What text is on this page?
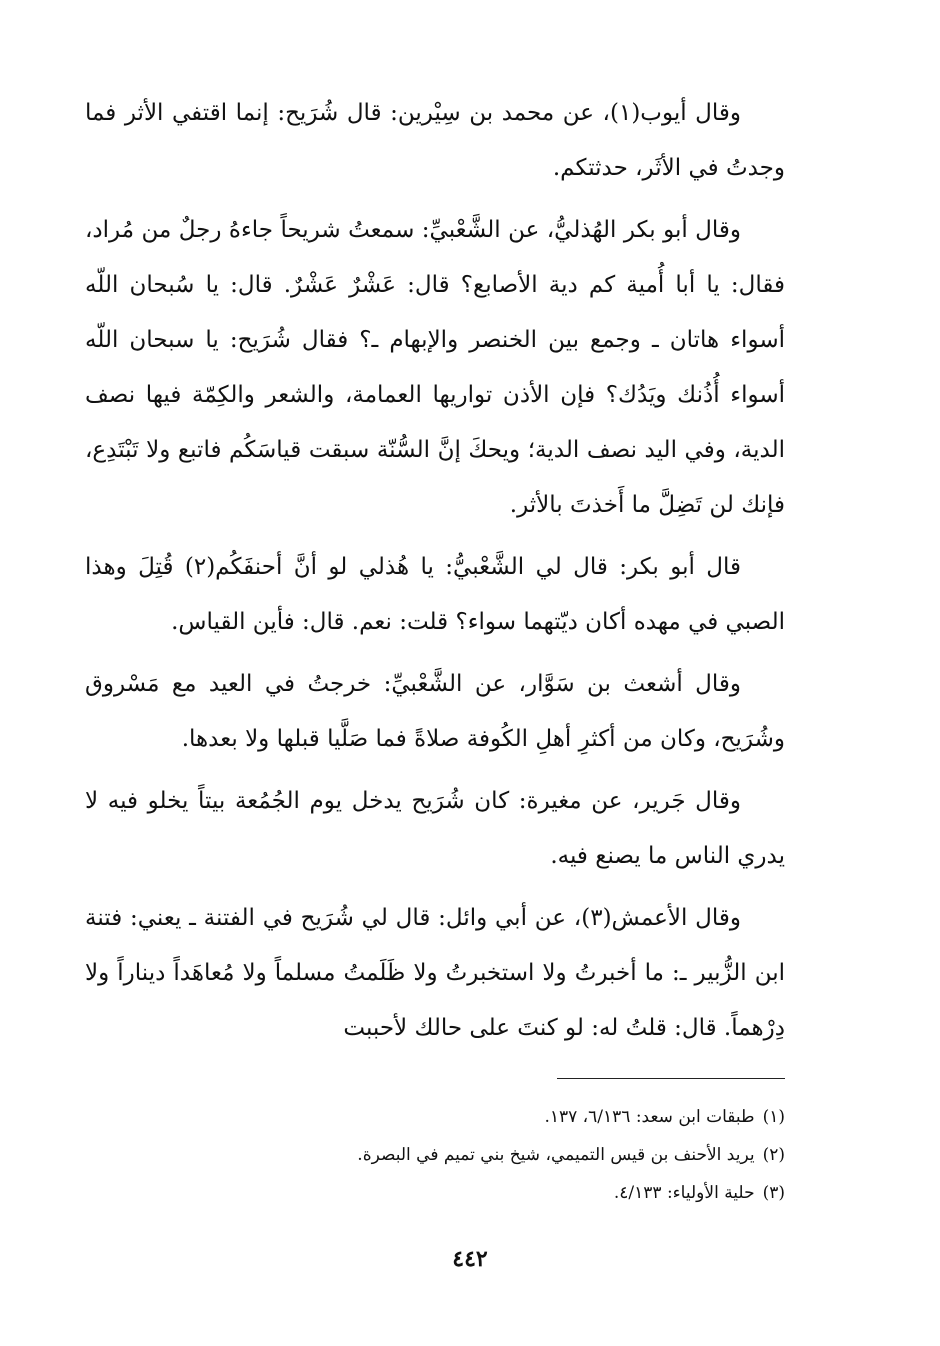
وقال أيوب(١)، عن محمد بن سِيْرين: قال شُرَيح: إنما اقتفي الأثر فما وجدتُ في الأثَر، حدثتكم.

وقال أبو بكر الهُذليُّ، عن الشَّعْبيِّ: سمعتُ شريحاً جاءهُ رجلٌ من مُراد، فقال: يا أبا أُمية كم دية الأصابع؟ قال: عَشْرٌ عَشْرٌ. قال: يا سُبحان اللّه أسواء هاتان ـ وجمع بين الخنصر والإبهام ـ؟ فقال شُرَيح: يا سبحان اللّه أسواء أُذُنك ويَدُك؟ فإن الأذن تواريها العمامة، والشعر والكِمّة فيها نصف الدية، وفي اليد نصف الدية؛ ويحكَ إنَّ السُّنّة سبقت قياسَكُم فاتبع ولا تَبْتَدِع، فإنك لن تَضِلَّ ما أَخذتَ بالأثر.

قال أبو بكر: قال لي الشَّعْبيُّ: يا هُذلي لو أنَّ أحنفَكُم(٢) قُتِلَ وهذا الصبي في مهده أكان ديّتهما سواء؟ قلت: نعم. قال: فأين القياس.

وقال أشعث بن سَوَّار، عن الشَّعْبيِّ: خرجتُ في العيد مع مَسْروق وشُرَيح، وكان من أكثرِ أهلِ الكُوفة صلاةً فما صَلَّيا قبلها ولا بعدها.

وقال جَرير، عن مغيرة: كان شُرَيح يدخل يوم الجُمُعة بيتاً يخلو فيه لا يدري الناس ما يصنع فيه.

وقال الأعمش(٣)، عن أبي وائل: قال لي شُرَيح في الفتنة ـ يعني: فتنة ابن الزُّبير ـ: ما أخبرتُ ولا استخبرتُ ولا ظَلَمتُ مسلماً ولا مُعاهَداً ديناراً ولا دِرْهماً. قال: قلتُ له: لو كنتَ على حالك لأحببت

(١)طبقات ابن سعد: ٦/١٣٦، ١٣٧.

(٢)يريد الأحنف بن قيس التميمي، شيخ بني تميم في البصرة.

(٣)حلية الأولياء: ٤/١٣٣.

٤٤٢
